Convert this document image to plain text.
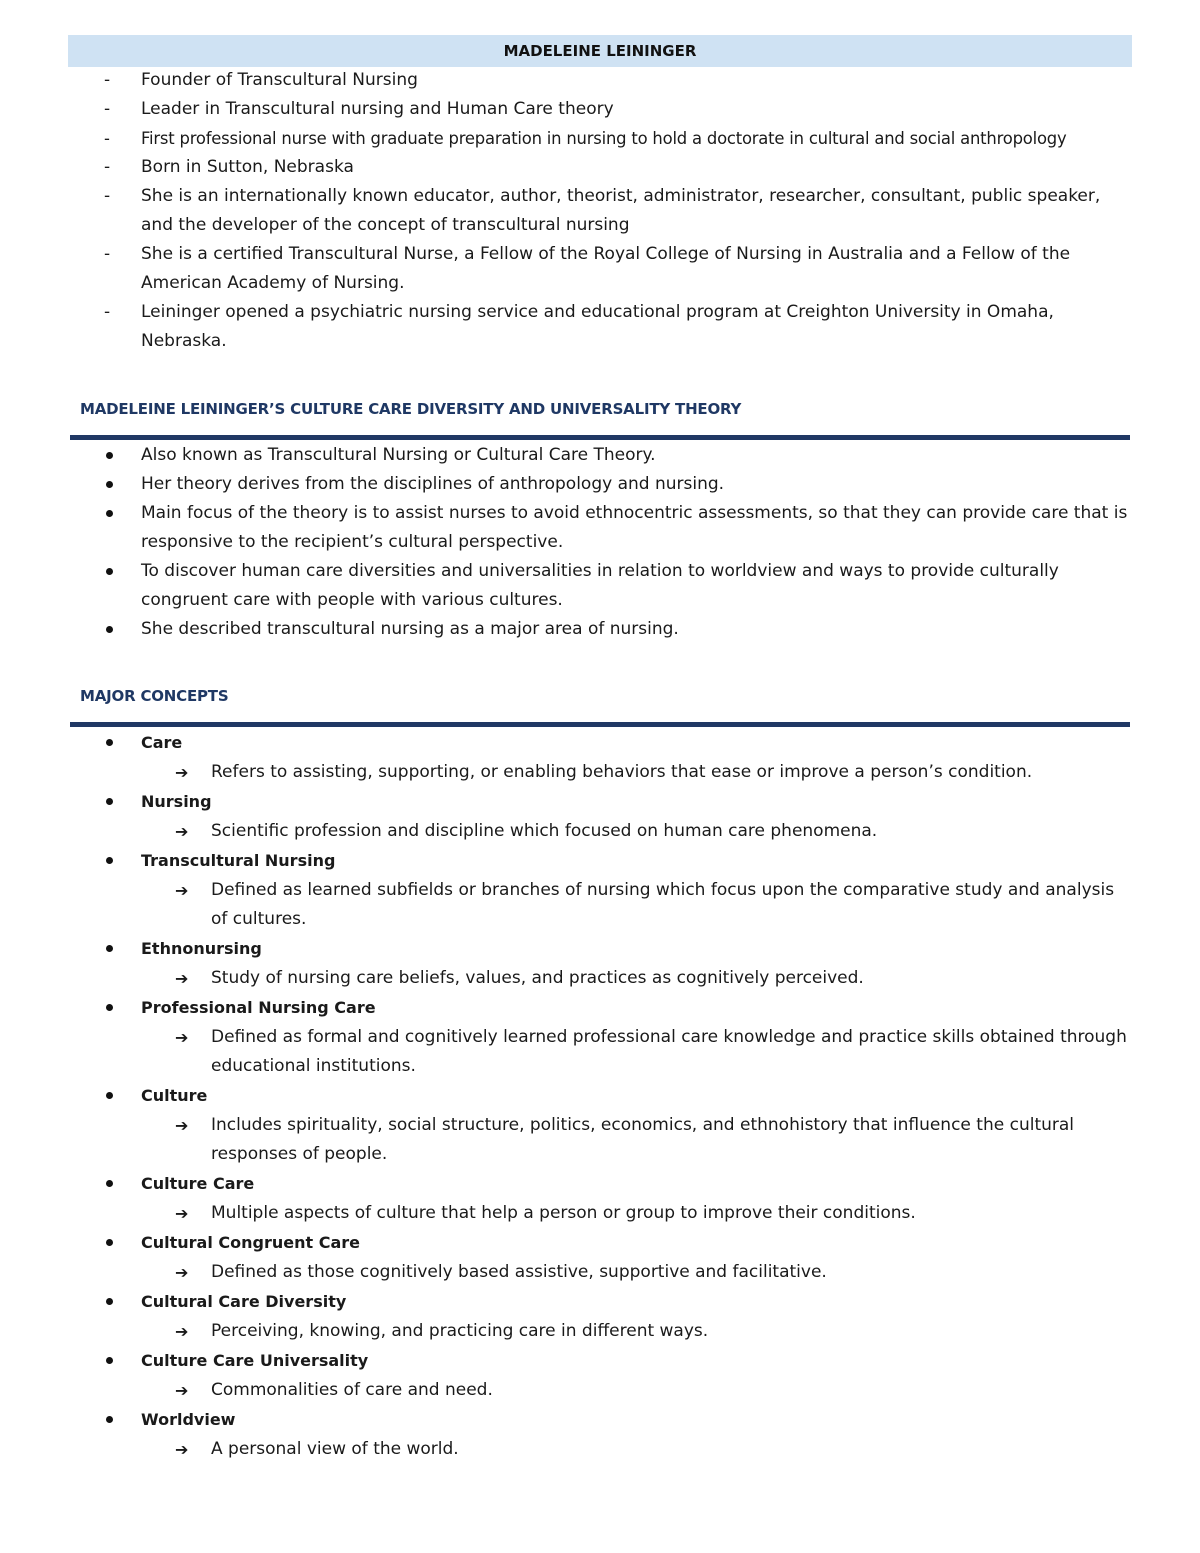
MADELEINE LEININGER
- Founder of Transcultural Nursing
- Leader in Transcultural nursing and Human Care theory
- First professional nurse with graduate preparation in nursing to hold a doctorate in cultural and social anthropology
- Born in Sutton, Nebraska
- She is an internationally known educator, author, theorist, administrator, researcher, consultant, public speaker, and the developer of the concept of transcultural nursing
- She is a certified Transcultural Nurse, a Fellow of the Royal College of Nursing in Australia and a Fellow of the American Academy of Nursing.
- Leininger opened a psychiatric nursing service and educational program at Creighton University in Omaha, Nebraska.
MADELEINE LEININGER’S CULTURE CARE DIVERSITY AND UNIVERSALITY THEORY
Also known as Transcultural Nursing or Cultural Care Theory.
Her theory derives from the disciplines of anthropology and nursing.
Main focus of the theory is to assist nurses to avoid ethnocentric assessments, so that they can provide care that is responsive to the recipient’s cultural perspective.
To discover human care diversities and universalities in relation to worldview and ways to provide culturally congruent care with people with various cultures.
She described transcultural nursing as a major area of nursing.
MAJOR CONCEPTS
Care
➔ Refers to assisting, supporting, or enabling behaviors that ease or improve a person’s condition.
Nursing
➔ Scientific profession and discipline which focused on human care phenomena.
Transcultural Nursing
➔ Defined as learned subfields or branches of nursing which focus upon the comparative study and analysis of cultures.
Ethnonursing
➔ Study of nursing care beliefs, values, and practices as cognitively perceived.
Professional Nursing Care
➔ Defined as formal and cognitively learned professional care knowledge and practice skills obtained through educational institutions.
Culture
➔ Includes spirituality, social structure, politics, economics, and ethnohistory that influence the cultural responses of people.
Culture Care
➔ Multiple aspects of culture that help a person or group to improve their conditions.
Cultural Congruent Care
➔ Defined as those cognitively based assistive, supportive and facilitative.
Cultural Care Diversity
➔ Perceiving, knowing, and practicing care in different ways.
Culture Care Universality
➔ Commonalities of care and need.
Worldview
➔ A personal view of the world.
